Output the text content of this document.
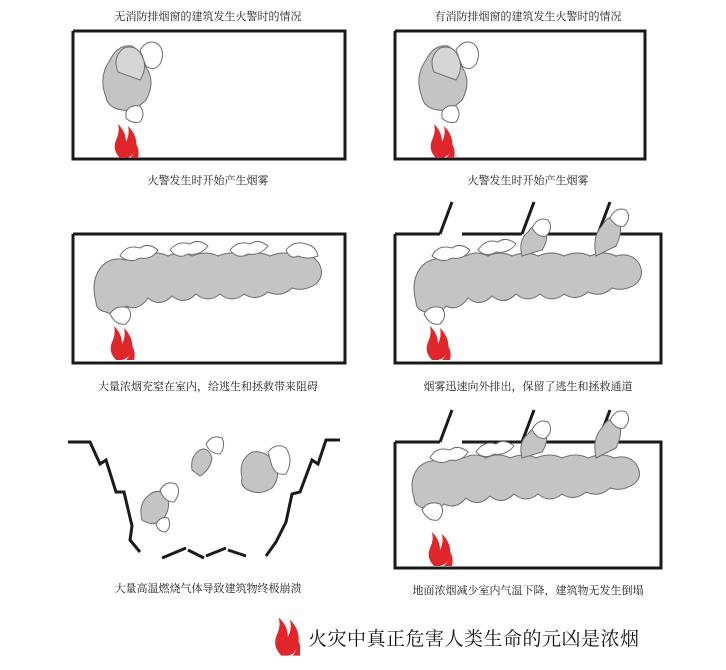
无消防排烟窗的建筑发生火警时的情况	有消防排烟窗的建筑发生火警时的情况
火警发生时开始产生烟雾	火警发生时开始产生烟雾
大量浓烟充窒在室内，给逃生和拯救带来阻碍	烟雾迅速向外排出，保留了逃生和拯救通道
大量高温燃烧气体导致建筑物终极崩溃	地面浓烟减少室内气温下降，建筑物无发生倒塌
火灾中真正危害人类生命的元凶是浓烟
